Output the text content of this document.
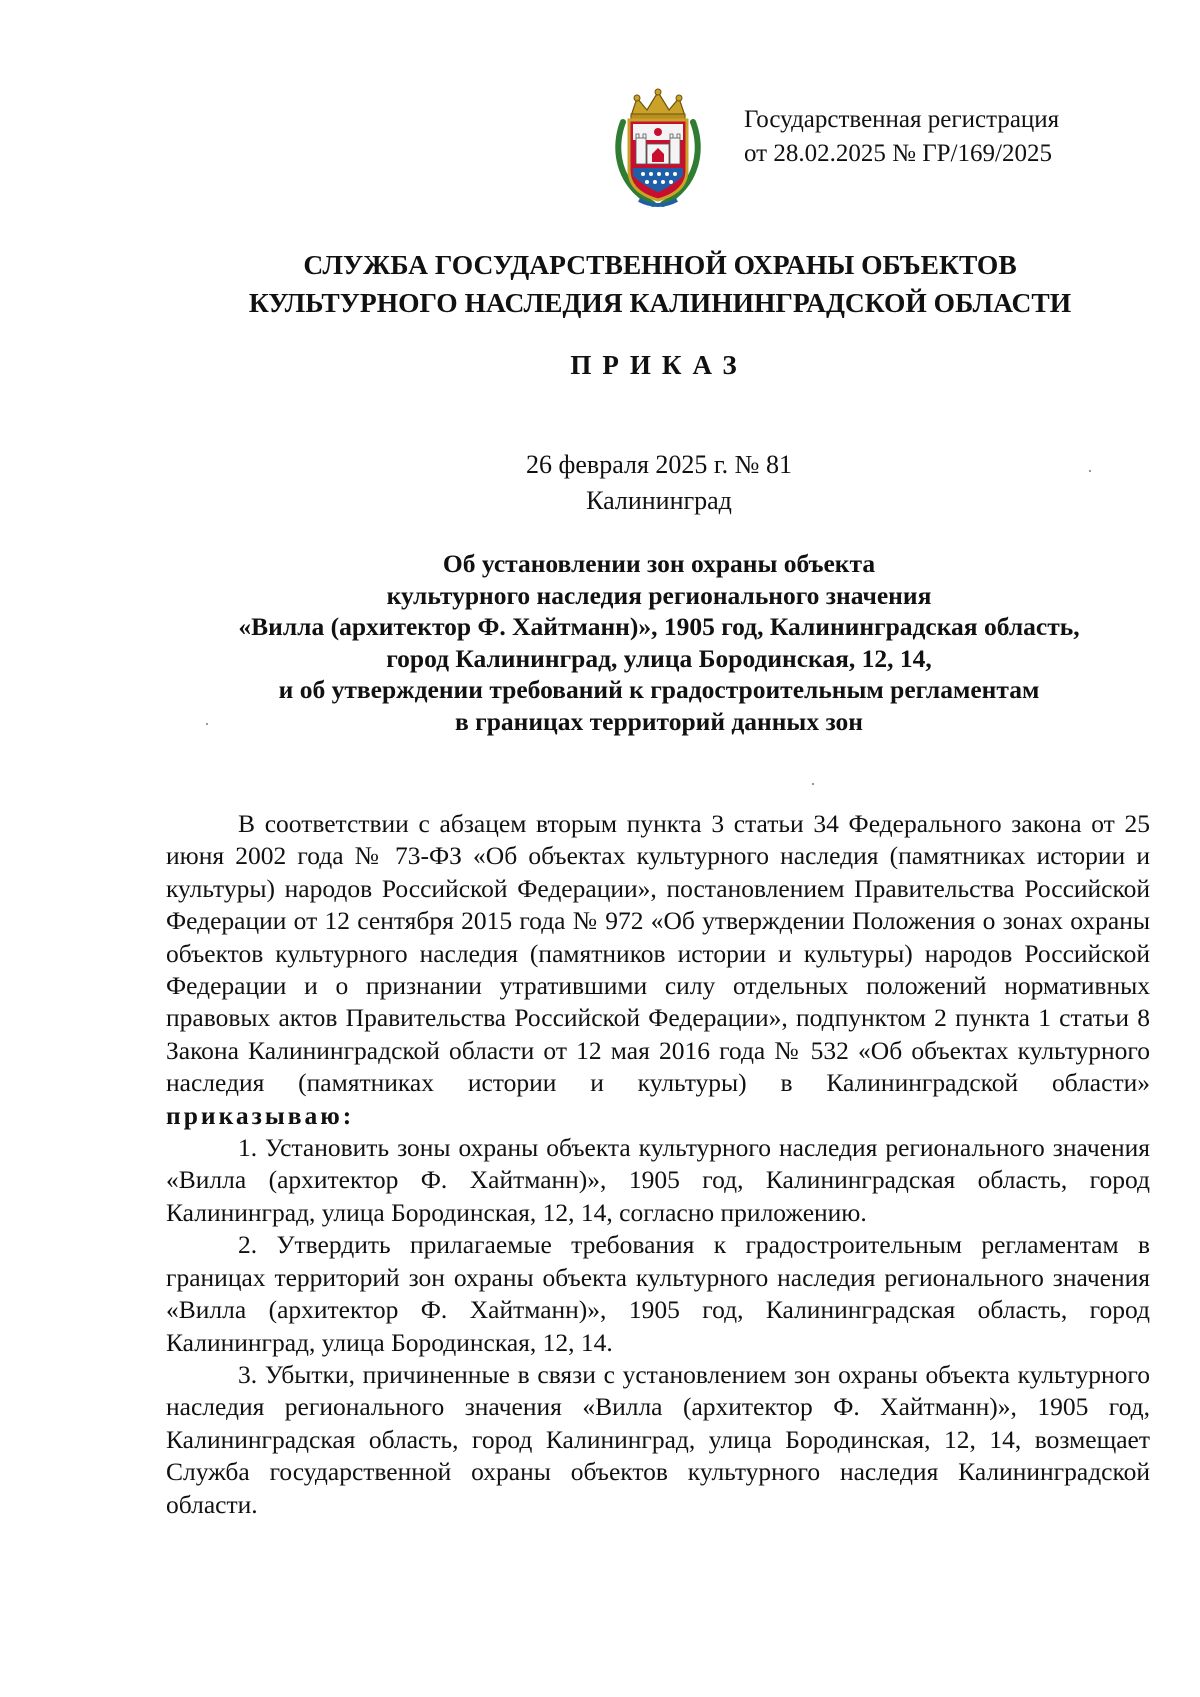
Государственная регистрация
от 28.02.2025 № ГР/169/2025
СЛУЖБА ГОСУДАРСТВЕННОЙ ОХРАНЫ ОБЪЕКТОВ
КУЛЬТУРНОГО НАСЛЕДИЯ КАЛИНИНГРАДСКОЙ ОБЛАСТИ
ПРИКАЗ
26 февраля 2025 г. № 81
Калининград
Об установлении зон охраны объекта
культурного наследия регионального значения
«Вилла (архитектор Ф. Хайтманн)», 1905 год, Калининградская область,
город Калининград, улица Бородинская, 12, 14,
и об утверждении требований к градостроительным регламентам
в границах территорий данных зон

В соответствии с абзацем вторым пункта 3 статьи 34 Федерального закона от 25 июня 2002 года № 73-ФЗ «Об объектах культурного наследия (памятниках истории и культуры) народов Российской Федерации», постановлением Правительства Российской Федерации от 12 сентября 2015 года № 972 «Об утверждении Положения о зонах охраны объектов культурного наследия (памятников истории и культуры) народов Российской Федерации и о признании утратившими силу отдельных положений нормативных правовых актов Правительства Российской Федерации», подпунктом 2 пункта 1 статьи 8 Закона Калининградской области от 12 мая 2016 года № 532 «Об объектах культурного наследия (памятниках истории и культуры) в Калининградской области» приказываю:

1. Установить зоны охраны объекта культурного наследия регионального значения «Вилла (архитектор Ф. Хайтманн)», 1905 год, Калининградская область, город Калининград, улица Бородинская, 12, 14, согласно приложению.

2. Утвердить прилагаемые требования к градостроительным регламентам в границах территорий зон охраны объекта культурного наследия регионального значения «Вилла (архитектор Ф. Хайтманн)», 1905 год, Калининградская область, город Калининград, улица Бородинская, 12, 14.

3. Убытки, причиненные в связи с установлением зон охраны объекта культурного наследия регионального значения «Вилла (архитектор Ф. Хайтманн)», 1905 год, Калининградская область, город Калининград, улица Бородинская, 12, 14, возмещает Служба государственной охраны объектов культурного наследия Калининградской области.
